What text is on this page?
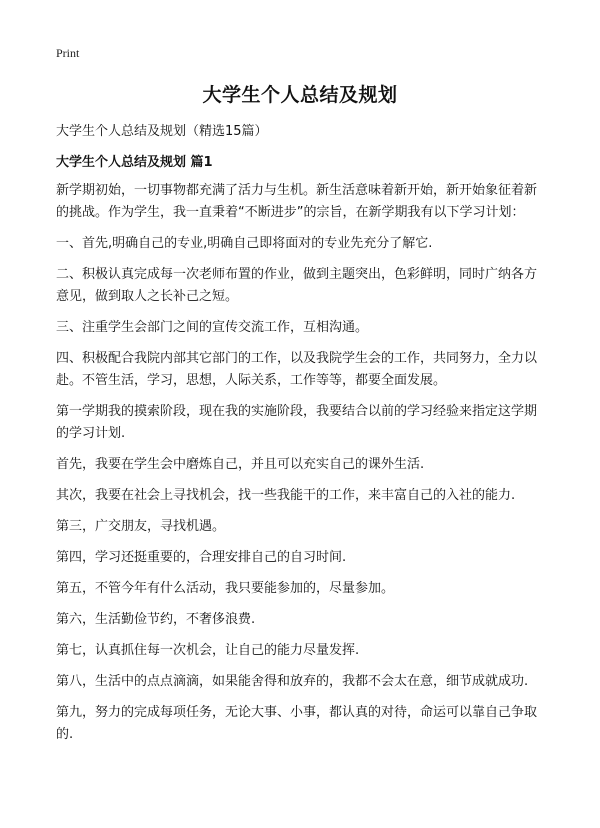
Print
大学生个人总结及规划

大学生个人总结及规划（精选15篇）

大学生个人总结及规划 篇1

新学期初始，一切事物都充满了活力与生机。新生活意味着新开始，新开始象征着新的挑战。作为学生，我一直秉着“不断进步”的宗旨，在新学期我有以下学习计划：

一、首先,明确自己的专业,明确自己即将面对的专业先充分了解它.

二、积极认真完成每一次老师布置的作业，做到主题突出，色彩鲜明，同时广纳各方意见，做到取人之长补己之短。

三、注重学生会部门之间的宣传交流工作，互相沟通。

四、积极配合我院内部其它部门的工作，以及我院学生会的工作，共同努力，全力以赴。不管生活，学习，思想，人际关系，工作等等，都要全面发展。

第一学期我的摸索阶段，现在我的实施阶段，我要结合以前的学习经验来指定这学期的学习计划.

首先，我要在学生会中磨炼自己，并且可以充实自己的课外生活.

其次，我要在社会上寻找机会，找一些我能干的工作，来丰富自己的入社的能力.

第三，广交朋友，寻找机遇。

第四，学习还挺重要的，合理安排自己的自习时间.

第五，不管今年有什么活动，我只要能参加的，尽量参加。

第六，生活勤俭节约，不奢侈浪费.

第七，认真抓住每一次机会，让自己的能力尽量发挥.

第八，生活中的点点滴滴，如果能舍得和放弃的，我都不会太在意，细节成就成功.

第九，努力的完成每项任务，无论大事、小事，都认真的对待，命运可以靠自己争取的.
